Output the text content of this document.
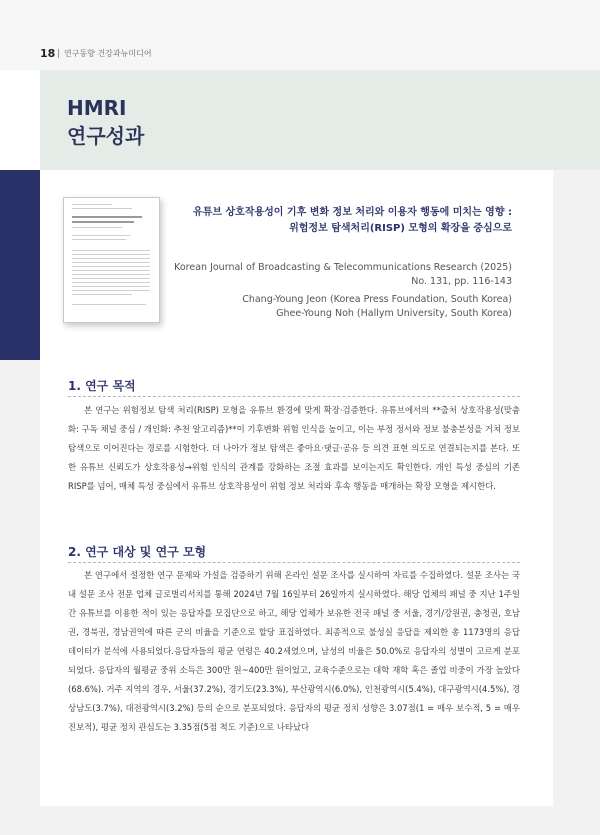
18 연구동향 건강과뉴미디어
HMRI
연구성과
유튜브 상호작용성이 기후 변화 정보 처리와 이용자 행동에 미치는 영향 :
위험정보 탐색처리(RISP) 모형의 확장을 중심으로
Korean Journal of Broadcasting & Telecommunications Research (2025)
No. 131, pp. 116-143
Chang-Young Jeon (Korea Press Foundation, South Korea)
Ghee-Young Noh (Hallym University, South Korea)
1. 연구 목적
본 연구는 위험정보 탐색 처리(RISP) 모형을 유튜브 환경에 맞게 확장·검증한다. 유튜브에서의 **출처 상호작용성(맞춤화: 구독 채널 중심 / 개인화: 추천 알고리즘)**이 기후변화 위험 인식을 높이고, 이는 부정 정서와 정보 불충분성을 거쳐 정보 탐색으로 이어진다는 경로를 시험한다. 더 나아가 정보 탐색은 좋아요·댓글·공유 등 의견 표현 의도로 연결되는지를 본다. 또한 유튜브 신뢰도가 상호작용성→위험 인식의 관계를 강화하는 조절 효과를 보이는지도 확인한다. 개인 특성 중심의 기존 RISP를 넘어, 매체 특성 중심에서 유튜브 상호작용성이 위험 정보 처리와 후속 행동을 매개하는 확장 모형을 제시한다.
2. 연구 대상 및 연구 모형
본 연구에서 설정한 연구 문제와 가설을 검증하기 위해 온라인 설문 조사를 실시하여 자료를 수집하였다. 설문 조사는 국내 설문 조사 전문 업체 글로벌리서치를 통해 2024년 7월 16일부터 26일까지 실시하였다. 해당 업체의 패널 중 지난 1주일간 유튜브를 이용한 적이 있는 응답자를 모집단으로 하고, 해당 업체가 보유한 전국 패널 중 서울, 경기/강원권, 충청권, 호남권, 경북권, 경남권역에 따른 군의 비율을 기준으로 할당 표집하였다. 최종적으로 불성실 응답을 제외한 총 1173명의 응답 데이터가 분석에 사용되었다.응답자들의 평균 연령은 40.2세였으며, 남성의 비율은 50.0%로 응답자의 성별이 고르게 분포되었다. 응답자의 월평균 중위 소득은 300만 원~400만 원이었고, 교육수준으로는 대학 재학 혹은 졸업 비중이 가장 높았다(68.6%). 거주 지역의 경우, 서울(37.2%), 경기도(23.3%), 부산광역시(6.0%), 인천광역시(5.4%), 대구광역시(4.5%), 경상남도(3.7%), 대전광역시(3.2%) 등의 순으로 분포되었다. 응답자의 평균 정치 성향은 3.07점(1 = 매우 보수적, 5 = 매우 진보적), 평균 정치 관심도는 3.35점(5점 척도 기준)으로 나타났다
